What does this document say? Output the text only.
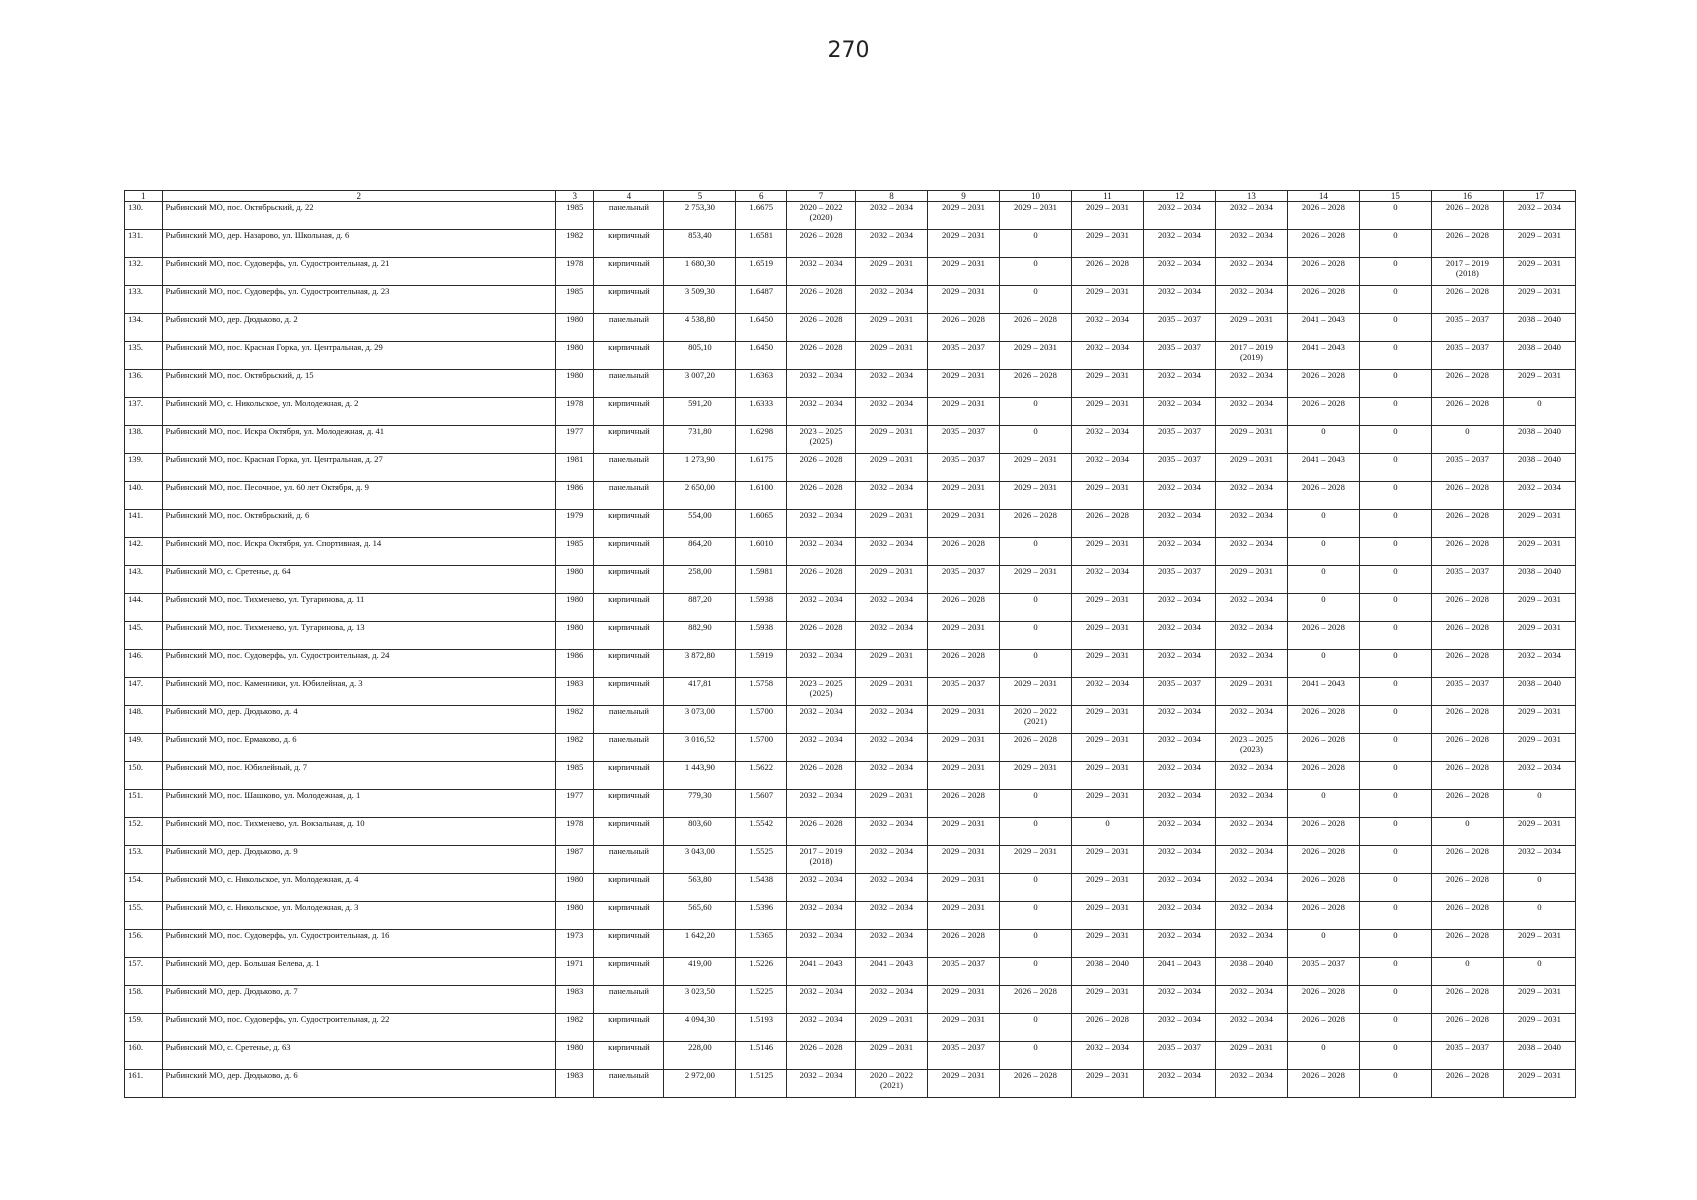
270
1	2	3	4	5	6	7	8	9	10	11	12	13	14	15	16	17
130.	Рыбинский МО, пос. Октябрьский, д. 22	1985	панельный	2 753,30	1.6675	2020 – 2022 (2020)	2032 – 2034	2029 – 2031	2029 – 2031	2029 – 2031	2032 – 2034	2032 – 2034	2026 – 2028	0	2026 – 2028	2032 – 2034
131.	Рыбинский МО, дер. Назарово, ул. Школьная, д. 6	1982	кирпичный	853,40	1.6581	2026 – 2028	2032 – 2034	2029 – 2031	0	2029 – 2031	2032 – 2034	2032 – 2034	2026 – 2028	0	2026 – 2028	2029 – 2031
132.	Рыбинский МО, пос. Судоверфь, ул. Судостроительная, д. 21	1978	кирпичный	1 680,30	1.6519	2032 – 2034	2029 – 2031	2029 – 2031	0	2026 – 2028	2032 – 2034	2032 – 2034	2026 – 2028	0	2017 – 2019 (2018)	2029 – 2031
133.	Рыбинский МО, пос. Судоверфь, ул. Судостроительная, д. 23	1985	кирпичный	3 509,30	1.6487	2026 – 2028	2032 – 2034	2029 – 2031	0	2029 – 2031	2032 – 2034	2032 – 2034	2026 – 2028	0	2026 – 2028	2029 – 2031
134.	Рыбинский МО, дер. Дюдьково, д. 2	1980	панельный	4 538,80	1.6450	2026 – 2028	2029 – 2031	2026 – 2028	2026 – 2028	2032 – 2034	2035 – 2037	2029 – 2031	2041 – 2043	0	2035 – 2037	2038 – 2040
135.	Рыбинский МО, пос. Красная Горка, ул. Центральная, д. 29	1980	кирпичный	805,10	1.6450	2026 – 2028	2029 – 2031	2035 – 2037	2029 – 2031	2032 – 2034	2035 – 2037	2017 – 2019 (2019)	2041 – 2043	0	2035 – 2037	2038 – 2040
136.	Рыбинский МО, пос. Октябрьский, д. 15	1980	панельный	3 007,20	1.6363	2032 – 2034	2032 – 2034	2029 – 2031	2026 – 2028	2029 – 2031	2032 – 2034	2032 – 2034	2026 – 2028	0	2026 – 2028	2029 – 2031
137.	Рыбинский МО, с. Никольское, ул. Молодежная, д. 2	1978	кирпичный	591,20	1.6333	2032 – 2034	2032 – 2034	2029 – 2031	0	2029 – 2031	2032 – 2034	2032 – 2034	2026 – 2028	0	2026 – 2028	0
138.	Рыбинский МО, пос. Искра Октября, ул. Молодежная, д. 41	1977	кирпичный	731,80	1.6298	2023 – 2025 (2025)	2029 – 2031	2035 – 2037	0	2032 – 2034	2035 – 2037	2029 – 2031	0	0	0	2038 – 2040
139.	Рыбинский МО, пос. Красная Горка, ул. Центральная, д. 27	1981	панельный	1 273,90	1.6175	2026 – 2028	2029 – 2031	2035 – 2037	2029 – 2031	2032 – 2034	2035 – 2037	2029 – 2031	2041 – 2043	0	2035 – 2037	2038 – 2040
140.	Рыбинский МО, пос. Песочное, ул. 60 лет Октября, д. 9	1986	панельный	2 650,00	1.6100	2026 – 2028	2032 – 2034	2029 – 2031	2029 – 2031	2029 – 2031	2032 – 2034	2032 – 2034	2026 – 2028	0	2026 – 2028	2032 – 2034
141.	Рыбинский МО, пос. Октябрьский, д. 6	1979	кирпичный	554,00	1.6065	2032 – 2034	2029 – 2031	2029 – 2031	2026 – 2028	2026 – 2028	2032 – 2034	2032 – 2034	0	0	2026 – 2028	2029 – 2031
142.	Рыбинский МО, пос. Искра Октября, ул. Спортивная, д. 14	1985	кирпичный	864,20	1.6010	2032 – 2034	2032 – 2034	2026 – 2028	0	2029 – 2031	2032 – 2034	2032 – 2034	0	0	2026 – 2028	2029 – 2031
143.	Рыбинский МО, с. Сретенье, д. 64	1980	кирпичный	258,00	1.5981	2026 – 2028	2029 – 2031	2035 – 2037	2029 – 2031	2032 – 2034	2035 – 2037	2029 – 2031	0	0	2035 – 2037	2038 – 2040
144.	Рыбинский МО, пос. Тихменево, ул. Тугаринова, д. 11	1980	кирпичный	887,20	1.5938	2032 – 2034	2032 – 2034	2026 – 2028	0	2029 – 2031	2032 – 2034	2032 – 2034	0	0	2026 – 2028	2029 – 2031
145.	Рыбинский МО, пос. Тихменево, ул. Тугаринова, д. 13	1980	кирпичный	882,90	1.5938	2026 – 2028	2032 – 2034	2029 – 2031	0	2029 – 2031	2032 – 2034	2032 – 2034	2026 – 2028	0	2026 – 2028	2029 – 2031
146.	Рыбинский МО, пос. Судоверфь, ул. Судостроительная, д. 24	1986	кирпичный	3 872,80	1.5919	2032 – 2034	2029 – 2031	2026 – 2028	0	2029 – 2031	2032 – 2034	2032 – 2034	0	0	2026 – 2028	2032 – 2034
147.	Рыбинский МО, пос. Каменники, ул. Юбилейная, д. 3	1983	кирпичный	417,81	1.5758	2023 – 2025 (2025)	2029 – 2031	2035 – 2037	2029 – 2031	2032 – 2034	2035 – 2037	2029 – 2031	2041 – 2043	0	2035 – 2037	2038 – 2040
148.	Рыбинский МО, дер. Дюдьково, д. 4	1982	панельный	3 073,00	1.5700	2032 – 2034	2032 – 2034	2029 – 2031	2020 – 2022 (2021)	2029 – 2031	2032 – 2034	2032 – 2034	2026 – 2028	0	2026 – 2028	2029 – 2031
149.	Рыбинский МО, пос. Ермаково, д. 6	1982	панельный	3 016,52	1.5700	2032 – 2034	2032 – 2034	2029 – 2031	2026 – 2028	2029 – 2031	2032 – 2034	2023 – 2025 (2023)	2026 – 2028	0	2026 – 2028	2029 – 2031
150.	Рыбинский МО, пос. Юбилейный, д. 7	1985	кирпичный	1 443,90	1.5622	2026 – 2028	2032 – 2034	2029 – 2031	2029 – 2031	2029 – 2031	2032 – 2034	2032 – 2034	2026 – 2028	0	2026 – 2028	2032 – 2034
151.	Рыбинский МО, пос. Шашково, ул. Молодежная, д. 1	1977	кирпичный	779,30	1.5607	2032 – 2034	2029 – 2031	2026 – 2028	0	2029 – 2031	2032 – 2034	2032 – 2034	0	0	2026 – 2028	0
152.	Рыбинский МО, пос. Тихменево, ул. Вокзальная, д. 10	1978	кирпичный	803,60	1.5542	2026 – 2028	2032 – 2034	2029 – 2031	0	0	2032 – 2034	2032 – 2034	2026 – 2028	0	0	2029 – 2031
153.	Рыбинский МО, дер. Дюдьково, д. 9	1987	панельный	3 043,00	1.5525	2017 – 2019 (2018)	2032 – 2034	2029 – 2031	2029 – 2031	2029 – 2031	2032 – 2034	2032 – 2034	2026 – 2028	0	2026 – 2028	2032 – 2034
154.	Рыбинский МО, с. Никольское, ул. Молодежная, д. 4	1980	кирпичный	563,80	1.5438	2032 – 2034	2032 – 2034	2029 – 2031	0	2029 – 2031	2032 – 2034	2032 – 2034	2026 – 2028	0	2026 – 2028	0
155.	Рыбинский МО, с. Никольское, ул. Молодежная, д. 3	1980	кирпичный	565,60	1.5396	2032 – 2034	2032 – 2034	2029 – 2031	0	2029 – 2031	2032 – 2034	2032 – 2034	2026 – 2028	0	2026 – 2028	0
156.	Рыбинский МО, пос. Судоверфь, ул. Судостроительная, д. 16	1973	кирпичный	1 642,20	1.5365	2032 – 2034	2032 – 2034	2026 – 2028	0	2029 – 2031	2032 – 2034	2032 – 2034	0	0	2026 – 2028	2029 – 2031
157.	Рыбинский МО, дер. Большая Белева, д. 1	1971	кирпичный	419,00	1.5226	2041 – 2043	2041 – 2043	2035 – 2037	0	2038 – 2040	2041 – 2043	2038 – 2040	2035 – 2037	0	0	0
158.	Рыбинский МО, дер. Дюдьково, д. 7	1983	панельный	3 023,50	1.5225	2032 – 2034	2032 – 2034	2029 – 2031	2026 – 2028	2029 – 2031	2032 – 2034	2032 – 2034	2026 – 2028	0	2026 – 2028	2029 – 2031
159.	Рыбинский МО, пос. Судоверфь, ул. Судостроительная, д. 22	1982	кирпичный	4 094,30	1.5193	2032 – 2034	2029 – 2031	2029 – 2031	0	2026 – 2028	2032 – 2034	2032 – 2034	2026 – 2028	0	2026 – 2028	2029 – 2031
160.	Рыбинский МО, с. Сретенье, д. 63	1980	кирпичный	228,00	1.5146	2026 – 2028	2029 – 2031	2035 – 2037	0	2032 – 2034	2035 – 2037	2029 – 2031	0	0	2035 – 2037	2038 – 2040
161.	Рыбинский МО, дер. Дюдьково, д. 6	1983	панельный	2 972,00	1.5125	2032 – 2034	2020 – 2022 (2021)	2029 – 2031	2026 – 2028	2029 – 2031	2032 – 2034	2032 – 2034	2026 – 2028	0	2026 – 2028	2029 – 2031
